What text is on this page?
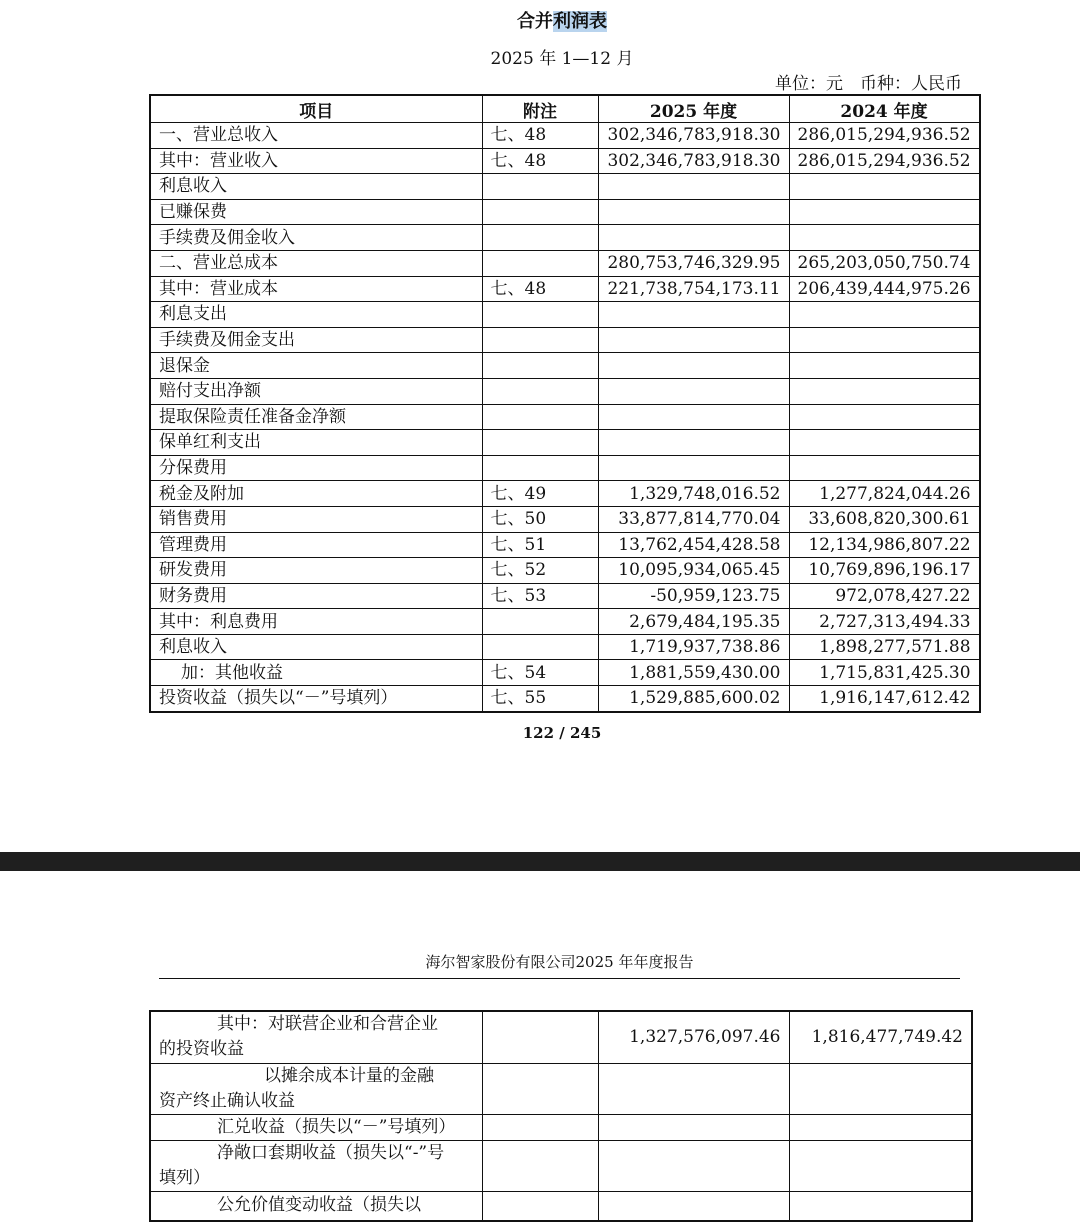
合并利润表
2025 年 1—12 月
单位：元　币种：人民币
项目	附注	2025 年度	2024 年度
一、营业总收入	七、48	302,346,783,918.30	286,015,294,936.52
其中：营业收入	七、48	302,346,783,918.30	286,015,294,936.52
利息收入			
已赚保费			
手续费及佣金收入			
二、营业总成本		280,753,746,329.95	265,203,050,750.74
其中：营业成本	七、48	221,738,754,173.11	206,439,444,975.26
利息支出			
手续费及佣金支出			
退保金			
赔付支出净额			
提取保险责任准备金净额			
保单红利支出			
分保费用			
税金及附加	七、49	1,329,748,016.52	1,277,824,044.26
销售费用	七、50	33,877,814,770.04	33,608,820,300.61
管理费用	七、51	13,762,454,428.58	12,134,986,807.22
研发费用	七、52	10,095,934,065.45	10,769,896,196.17
财务费用	七、53	-50,959,123.75	972,078,427.22
其中：利息费用		2,679,484,195.35	2,727,313,494.33
利息收入		1,719,937,738.86	1,898,277,571.88
加：其他收益	七、54	1,881,559,430.00	1,715,831,425.30
投资收益（损失以“－”号填列）	七、55	1,529,885,600.02	1,916,147,612.42
122 / 245
海尔智家股份有限公司2025 年年度报告
其中：对联营企业和合营企业
的投资收益		1,327,576,097.46	1,816,477,749.42

以摊余成本计量的金融
资产终止确认收益			

汇兑收益（损失以“－”号填列）			

净敞口套期收益（损失以“-”号
填列）			

公允价值变动收益（损失以			
